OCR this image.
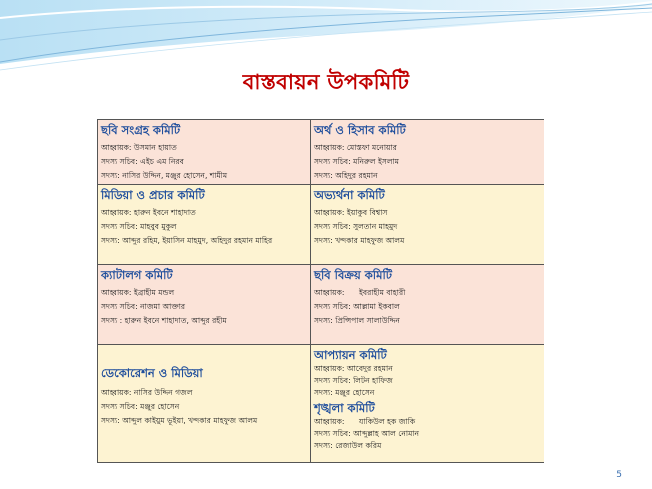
বাস্তবায়ন উপকমিটি
ছবি সংগ্রহ কমিটি
আহ্বায়ক: উসমান হায়াত
সদস্য সচিব: এইচ এম নিরব
সদস্য: নাসির উদ্দিন, মঞ্জুর হোসেন, শামীম
অর্থ ও হিসাব কমিটি
আহ্বায়ক: মোস্তফা মনোয়ার
সদস্য সচিব: মনিরুল ইসলাম
সদস্য: অহিদুর রহমান
মিডিয়া ও প্রচার কমিটি
আহ্বায়ক: হারুন ইবনে শাহাদাত
সদস্য সচিব: মাহবুব মুকুল
সদস্য: আব্দুর রহিম, ইয়াসিন মাহমুদ, অহিদুর রহমান মাহির
অভ্যর্থনা কমিটি
আহ্বায়ক: ইয়াকুব বিশ্বাস
সদস্য সচিব: সুলতান মাহমুদ
সদস্য: খন্দকার মাহফুজ আলম
ক্যাটালগ কমিটি
আহ্বায়ক: ইব্রাহীম মন্ডল
সদস্য সচিব: নাজমা আক্তার
সদস্য : হারুন ইবনে শাহাদাত, আব্দুর রহীম
ছবি বিক্রয় কমিটি
আহ্বায়ক:      ইবরাহীম বাহারী
সদস্য সচিব: আল্লামা ইকবাল
সদস্য: প্রিন্সিপাল সালাউদ্দিন
ডেকোরেশন ও মিডিয়া
আহ্বায়ক: নাসির উদ্দিন গজল
সদস্য সচিব: মঞ্জুর হোসেন
সদস্য: আব্দুল কাইয়ুম ভূইয়া, খন্দকার মাহফুজ আলম
আপ্যায়ন কমিটি
আহ্বায়ক: আবেদুর রহমান
সদস্য সচিব: লিটন হাফিজ
সদস্য: মঞ্জুর হোসেন
শৃঙ্খলা কমিটি
আহ্বায়ক:      যাকিউল হক জাকি
সদস্য সচিব: আব্দুল্লাহ আল নোমান
সদস্য: রেজাউল করিম
5
